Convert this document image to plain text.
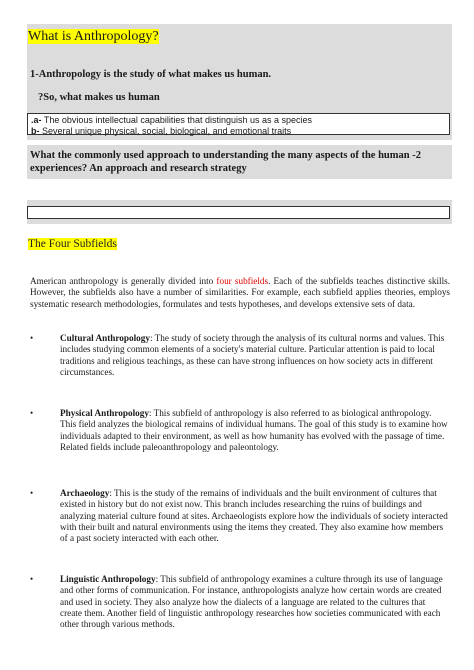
What is Anthropology?
1-Anthropology is the study of what makes us human.
?So, what makes us human
.a- The obvious intellectual capabilities that distinguish us as a species
b- Several unique physical, social, biological, and emotional traits
What the commonly used approach to understanding the many aspects of the human -2 experiences? An approach and research strategy
The Four Subfields
American anthropology is generally divided into four subfields. Each of the subfields teaches distinctive skills. However, the subfields also have a number of similarities. For example, each subfield applies theories, employs systematic research methodologies, formulates and tests hypotheses, and develops extensive sets of data.
•	Cultural Anthropology: The study of society through the analysis of its cultural norms and values. This includes studying common elements of a society's material culture. Particular attention is paid to local traditions and religious teachings, as these can have strong influences on how society acts in different circumstances.
•	Physical Anthropology: This subfield of anthropology is also referred to as biological anthropology. This field analyzes the biological remains of individual humans. The goal of this study is to examine how individuals adapted to their environment, as well as how humanity has evolved with the passage of time. Related fields include paleoanthropology and paleontology.
•	Archaeology: This is the study of the remains of individuals and the built environment of cultures that existed in history but do not exist now. This branch includes researching the ruins of buildings and analyzing material culture found at sites. Archaeologists explore how the individuals of society interacted with their built and natural environments using the items they created. They also examine how members of a past society interacted with each other.
•	Linguistic Anthropology: This subfield of anthropology examines a culture through its use of language and other forms of communication. For instance, anthropologists analyze how certain words are created and used in society. They also analyze how the dialects of a language are related to the cultures that create them. Another field of linguistic anthropology researches how societies communicated with each other through various methods.
